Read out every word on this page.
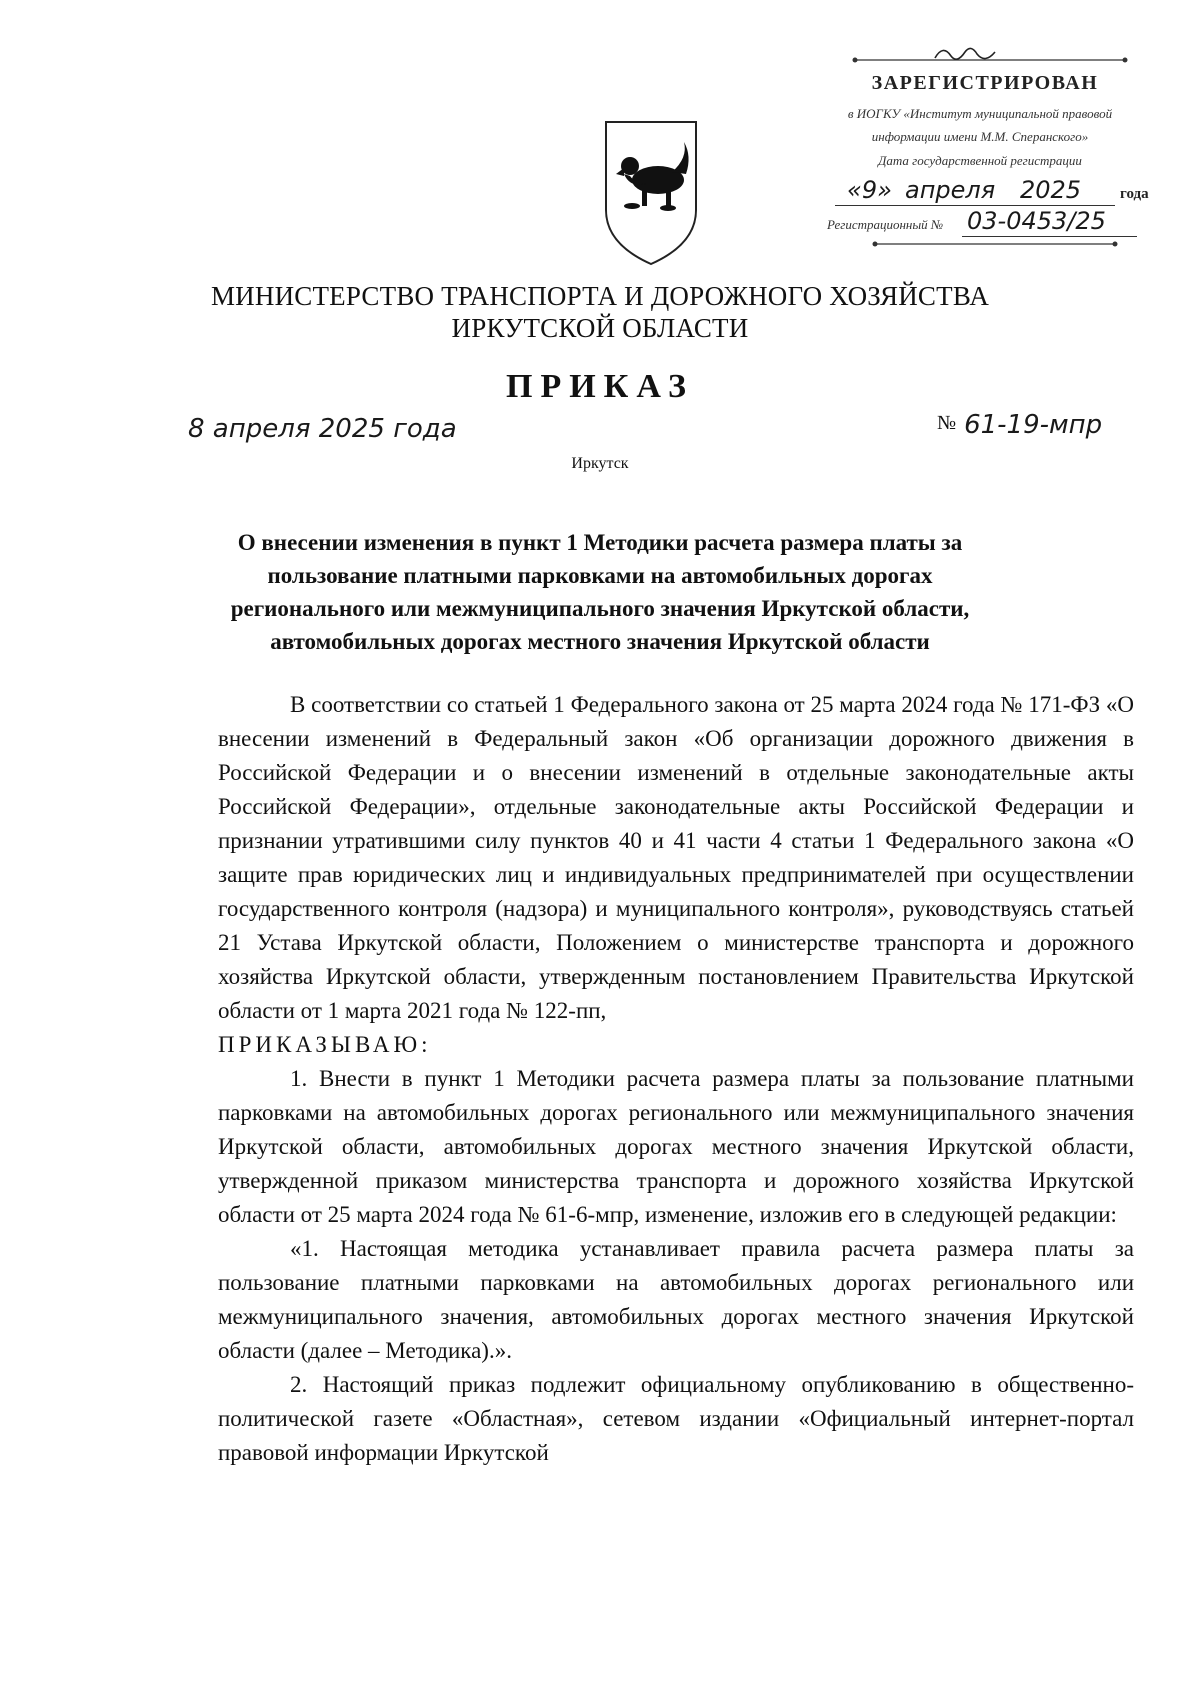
ЗАРЕГИСТРИРОВАН
в ИОГКУ «Институт муниципальной правовой
информации имени М.М. Сперанского»
Дата государственной регистрации
«9» апреля 2025	года
Регистрационный № 03-0453/25
МИНИСТЕРСТВО ТРАНСПОРТА И ДОРОЖНОГО ХОЗЯЙСТВА
ИРКУТСКОЙ ОБЛАСТИ
ПРИКАЗ
8 апреля 2025 года	№ 61-19-мпр
Иркутск
О внесении изменения в пункт 1 Методики расчета размера платы за
пользование платными парковками на автомобильных дорогах
регионального или межмуниципального значения Иркутской области,
автомобильных дорогах местного значения Иркутской области

В соответствии со статьей 1 Федерального закона от 25 марта 2024 года № 171-ФЗ «О внесении изменений в Федеральный закон «Об организации дорожного движения в Российской Федерации и о внесении изменений в отдельные законодательные акты Российской Федерации», отдельные законодательные акты Российской Федерации и признании утратившими силу пунктов 40 и 41 части 4 статьи 1 Федерального закона «О защите прав юридических лиц и индивидуальных предпринимателей при осуществлении государственного контроля (надзора) и муниципального контроля», руководствуясь статьей 21 Устава Иркутской области, Положением о министерстве транспорта и дорожного хозяйства Иркутской области, утвержденным постановлением Правительства Иркутской области от 1 марта 2021 года № 122-пп,

ПРИКАЗЫВАЮ:

1. Внести в пункт 1 Методики расчета размера платы за пользование платными парковками на автомобильных дорогах регионального или межмуниципального значения Иркутской области, автомобильных дорогах местного значения Иркутской области, утвержденной приказом министерства транспорта и дорожного хозяйства Иркутской области от 25 марта 2024 года № 61-6-мпр, изменение, изложив его в следующей редакции:

«1. Настоящая методика устанавливает правила расчета размера платы за пользование платными парковками на автомобильных дорогах регионального или межмуниципального значения, автомобильных дорогах местного значения Иркутской области (далее – Методика).».

2. Настоящий приказ подлежит официальному опубликованию в общественно-политической газете «Областная», сетевом издании «Официальный интернет-портал правовой информации Иркутской
